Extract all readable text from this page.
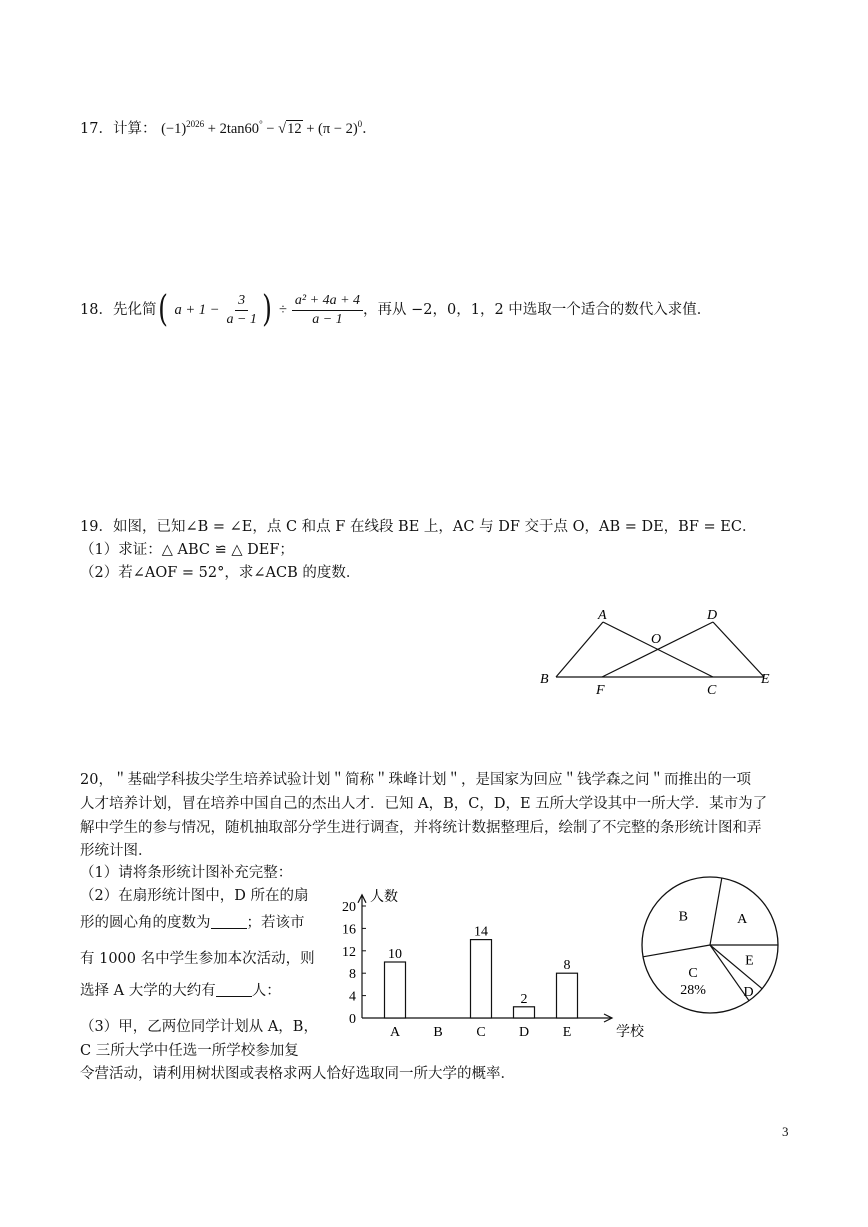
17．计算： $(-1)^{2026} + 2\tan 60^\circ - √12 + (\pi - 2)^0$．
18． 先化简 ( $a + 1 - \frac{3}{a - 1}$ ) ÷ $\frac{\text{a² + 4a + 4}}{a - 1}$ ，再从 −2，0，1，2 中选取一个适合的数代入求值．
19．如图，已知∠B = ∠E，点 C 和点 F 在线段 BE 上，AC 与 DF 交于点 O，AB = DE，BF = EC．
（1）求证：△ ABC ≌ △ DEF；
（2）若∠AOF = 52°，求∠ACB 的度数．
A	D
O
B
F	C
E
20，＂基础学科拔尖学生培养试验计划＂简称＂珠峰计划＂，是国家为回应＂钱学森之问＂而推出的一项
人才培养计划，冒在培养中国自己的杰出人才．已知 A，B，C，D，E 五所大学设其中一所大学．某市为了
解中学生的参与情况，随机抽取部分学生进行调查，并将统计数据整理后，绘制了不完整的条形统计图和弄
形统计图．
（1）请将条形统计图补充完整：
（2）在扇形统计图中，D 所在的扇
形的圆心角的度数为 ；若该市
有 1000 名中学生参加本次活动，则
选择 A 大学的大约有 人：
（3）甲，乙两位同学计划从 A，B，
C 三所大学中任选一所学校参加复
令营活动，请利用树状图或表格求两人恰好选取同一所大学的概率．
人数
学校
0
4
8
12
16
20
10
A B
14
C
2
D
8
E
A
B
C
28%	D
E
3
